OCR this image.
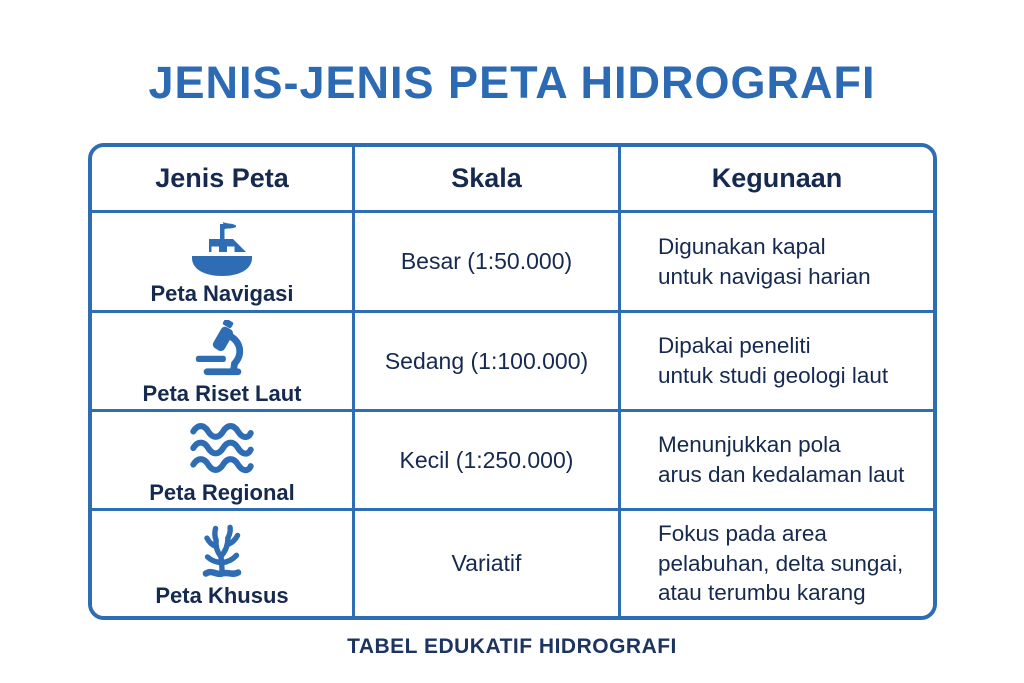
JENIS-JENIS PETA HIDROGRAFI
Jenis Peta	Skala	Kegunaan
Peta Navigasi
Besar (1:50.000)
Digunakan kapal
untuk navigasi harian
Peta Riset Laut
Sedang (1:100.000)
Dipakai peneliti
untuk studi geologi laut
Peta Regional
Kecil (1:250.000)
Menunjukkan pola
arus dan kedalaman laut
Peta Khusus
Variatif
Fokus pada area
pelabuhan, delta sungai,
atau terumbu karang
TABEL EDUKATIF HIDROGRAFI
